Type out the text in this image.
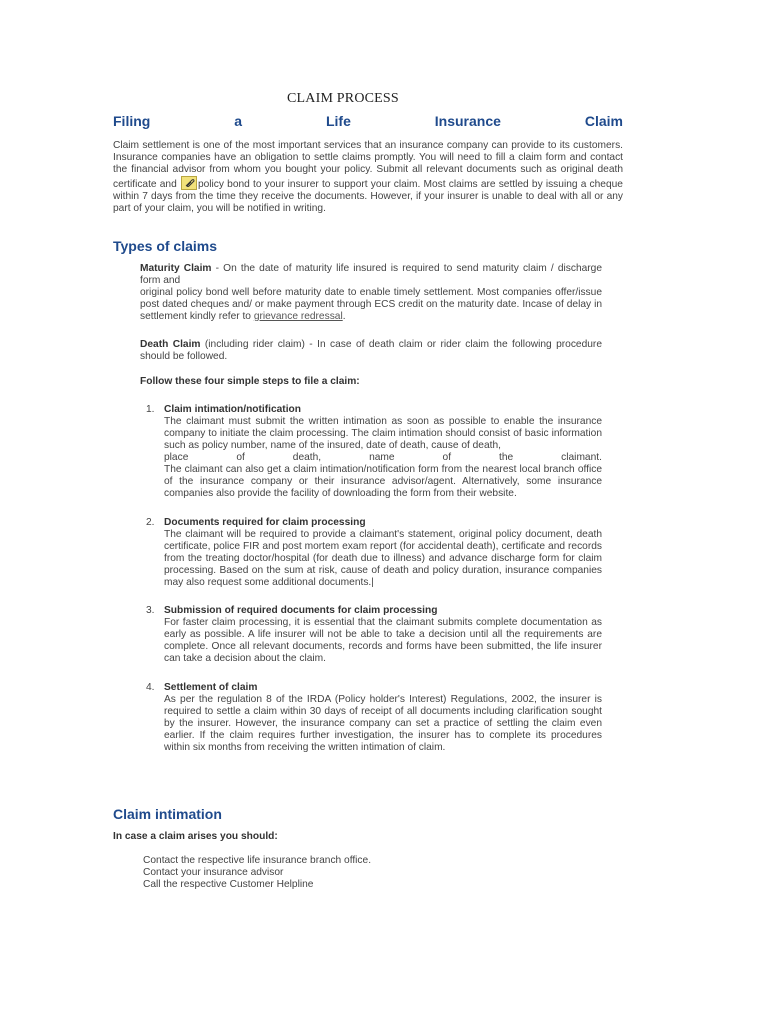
CLAIM PROCESS
Filing	a	Life	Insurance	Claim

Claim settlement is one of the most important services that an insurance company can provide to its customers. Insurance companies have an obligation to settle claims promptly. You will need to fill a claim form and contact the financial advisor from whom you bought your policy. Submit all relevant documents such as original death certificate and policy bond to your insurer to support your claim. Most claims are settled by issuing a cheque within 7 days from the time they receive the documents. However, if your insurer is unable to deal with all or any part of your claim, you will be notified in writing.

Types of claims
Maturity Claim - On the date of maturity life insured is required to send maturity claim / discharge form and
original policy bond well before maturity date to enable timely settlement. Most companies offer/issue post dated cheques and/ or make payment through ECS credit on the maturity date. Incase of delay in settlement kindly refer to grievance redressal.
Death Claim (including rider claim) - In case of death claim or rider claim the following procedure should be followed.
Follow these four simple steps to file a claim:
1. Claim intimation/notification
The claimant must submit the written intimation as soon as possible to enable the insurance company to initiate the claim processing. The claim intimation should consist of basic information such as policy number, name of the insured, date of death, cause of death,
place	of	death,	name	of	the	claimant.
The claimant can also get a claim intimation/notification form from the nearest local branch office of the insurance company or their insurance advisor/agent. Alternatively, some insurance companies also provide the facility of downloading the form from their website.
2. Documents required for claim processing
The claimant will be required to provide a claimant's statement, original policy document, death certificate, police FIR and post mortem exam report (for accidental death), certificate and records from the treating doctor/hospital (for death due to illness) and advance discharge form for claim processing. Based on the sum at risk, cause of death and policy duration, insurance companies may also request some additional documents.|
3. Submission of required documents for claim processing
For faster claim processing, it is essential that the claimant submits complete documentation as early as possible. A life insurer will not be able to take a decision until all the requirements are complete. Once all relevant documents, records and forms have been submitted, the life insurer can take a decision about the claim.
4. Settlement of claim
As per the regulation 8 of the IRDA (Policy holder's Interest) Regulations, 2002, the insurer is required to settle a claim within 30 days of receipt of all documents including clarification sought by the insurer. However, the insurance company can set a practice of settling the claim even earlier. If the claim requires further investigation, the insurer has to complete its procedures within six months from receiving the written intimation of claim.
Claim intimation
In case a claim arises you should:
Contact the respective life insurance branch office.
Contact your insurance advisor
Call the respective Customer Helpline
